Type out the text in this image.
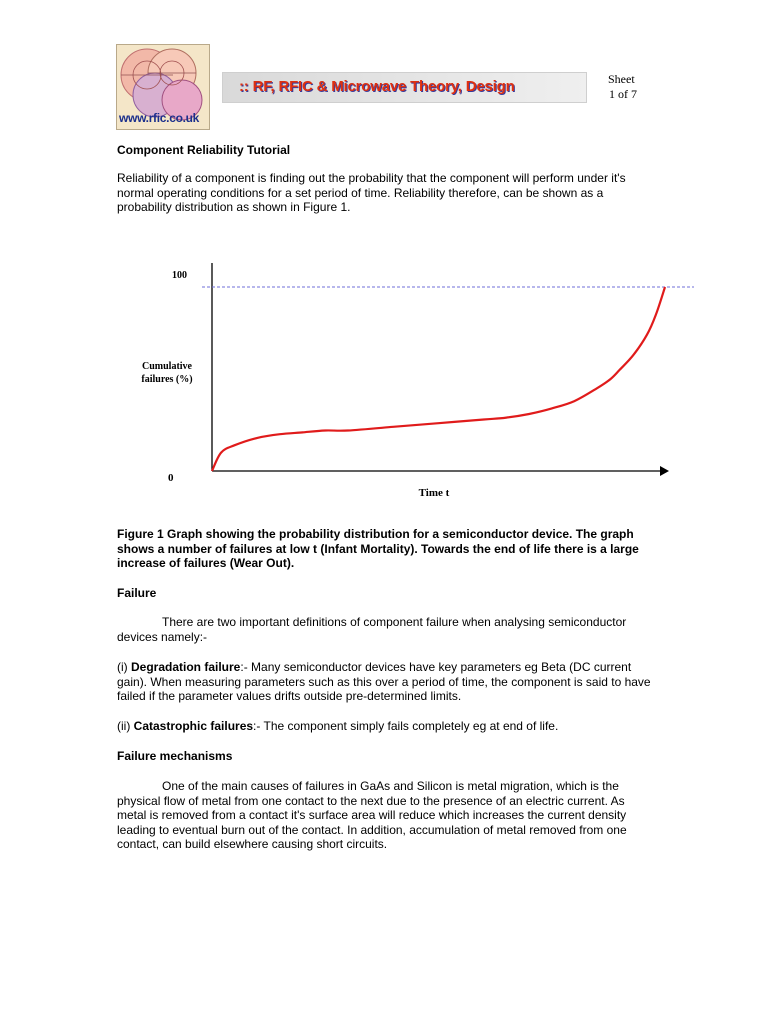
www.rfic.co.uk
:: RF, RFIC & Microwave Theory, Design	Sheet
1 of 7
Component Reliability Tutorial
Reliability of a component is finding out the probability that the component will perform under it's normal operating conditions for a set period of time. Reliability therefore, can be shown as a probability distribution as shown in Figure 1.
100
0
Cumulative
failures (%)
Time t
Figure 1 Graph showing the probability distribution for a semiconductor device. The graph shows a number of failures at low t (Infant Mortality). Towards the end of life there is a large increase of failures (Wear Out).
Failure
There are two important definitions of component failure when analysing semiconductor devices namely:-
(i) Degradation failure:- Many semiconductor devices have key parameters eg Beta (DC current gain). When measuring parameters such as this over a period of time, the component is said to have failed if the parameter values drifts outside pre-determined limits.
(ii) Catastrophic failures:- The component simply fails completely eg at end of life.
Failure mechanisms
One of the main causes of failures in GaAs and Silicon is metal migration, which is the physical flow of metal from one contact to the next due to the presence of an electric current. As metal is removed from a contact it's surface area will reduce which increases the current density leading to eventual burn out of the contact. In addition, accumulation of metal removed from one contact, can build elsewhere causing short circuits.
